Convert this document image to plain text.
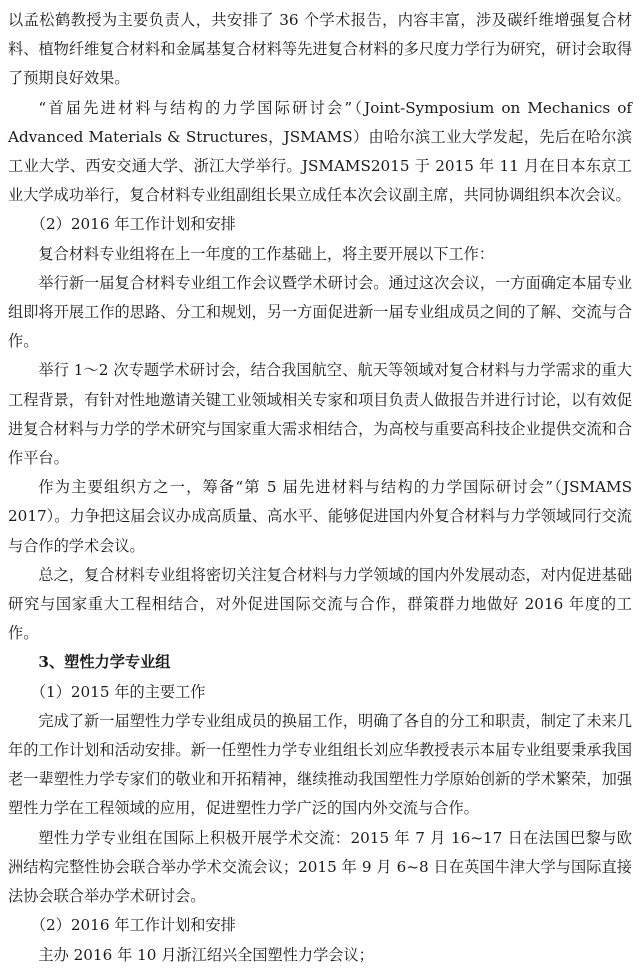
以孟松鹤教授为主要负责人，共安排了 36 个学术报告，内容丰富，涉及碳纤维增强复合材料、植物纤维复合材料和金属基复合材料等先进复合材料的多尺度力学行为研究，研讨会取得了预期良好效果。

“首届先进材料与结构的力学国际研讨会”（Joint-Symposium on Mechanics of Advanced Materials & Structures，JSMAMS）由哈尔滨工业大学发起，先后在哈尔滨工业大学、西安交通大学、浙江大学举行。JSMAMS2015 于 2015 年 11 月在日本东京工业大学成功举行，复合材料专业组副组长果立成任本次会议副主席，共同协调组织本次会议。

（2）2016 年工作计划和安排

复合材料专业组将在上一年度的工作基础上，将主要开展以下工作：

举行新一届复合材料专业组工作会议暨学术研讨会。通过这次会议，一方面确定本届专业组即将开展工作的思路、分工和规划，另一方面促进新一届专业组成员之间的了解、交流与合作。

举行 1～2 次专题学术研讨会，结合我国航空、航天等领域对复合材料与力学需求的重大工程背景，有针对性地邀请关键工业领域相关专家和项目负责人做报告并进行讨论，以有效促进复合材料与力学的学术研究与国家重大需求相结合，为高校与重要高科技企业提供交流和合作平台。

作为主要组织方之一，筹备“第 5 届先进材料与结构的力学国际研讨会”（JSMAMS 2017）。力争把这届会议办成高质量、高水平、能够促进国内外复合材料与力学领域同行交流与合作的学术会议。

总之，复合材料专业组将密切关注复合材料与力学领域的国内外发展动态，对内促进基础研究与国家重大工程相结合，对外促进国际交流与合作，群策群力地做好 2016 年度的工作。

3、塑性力学专业组

（1）2015 年的主要工作

完成了新一届塑性力学专业组成员的换届工作，明确了各自的分工和职责，制定了未来几年的工作计划和活动安排。新一任塑性力学专业组组长刘应华教授表示本届专业组要秉承我国老一辈塑性力学专家们的敬业和开拓精神，继续推动我国塑性力学原始创新的学术繁荣，加强塑性力学在工程领域的应用，促进塑性力学广泛的国内外交流与合作。

塑性力学专业组在国际上积极开展学术交流：2015 年 7 月 16~17 日在法国巴黎与欧洲结构完整性协会联合举办学术交流会议；2015 年 9 月 6~8 日在英国牛津大学与国际直接法协会联合举办学术研讨会。

（2）2016 年工作计划和安排

主办 2016 年 10 月浙江绍兴全国塑性力学会议；
